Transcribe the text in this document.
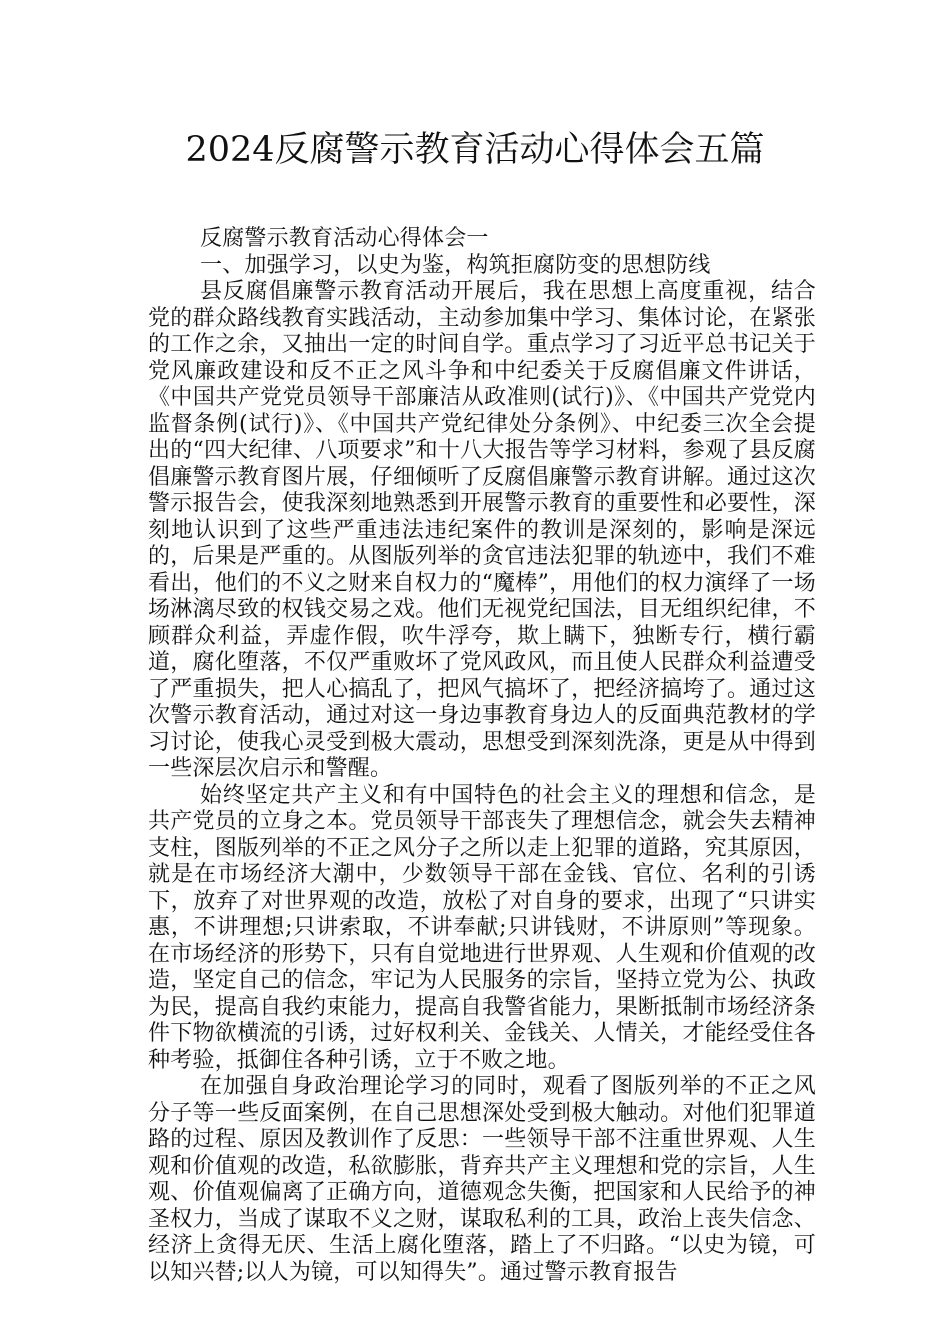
2024反腐警示教育活动心得体会五篇

反腐警示教育活动心得体会一

一、加强学习，以史为鉴，构筑拒腐防变的思想防线

县反腐倡廉警示教育活动开展后，我在思想上高度重视，结合党的群众路线教育实践活动，主动参加集中学习、集体讨论，在紧张的工作之余，又抽出一定的时间自学。重点学习了习近平总书记关于党风廉政建设和反不正之风斗争和中纪委关于反腐倡廉文件讲话，《中国共产党党员领导干部廉洁从政准则(试行)》、《中国共产党党内监督条例(试行)》、《中国共产党纪律处分条例》、中纪委三次全会提出的“四大纪律、八项要求”和十八大报告等学习材料，参观了县反腐倡廉警示教育图片展，仔细倾听了反腐倡廉警示教育讲解。通过这次警示报告会，使我深刻地熟悉到开展警示教育的重要性和必要性，深刻地认识到了这些严重违法违纪案件的教训是深刻的，影响是深远的，后果是严重的。从图版列举的贪官违法犯罪的轨迹中，我们不难看出，他们的不义之财来自权力的“魔棒”，用他们的权力演绎了一场场淋漓尽致的权钱交易之戏。他们无视党纪国法，目无组织纪律，不顾群众利益，弄虚作假，吹牛浮夸，欺上瞒下，独断专行，横行霸道，腐化堕落，不仅严重败坏了党风政风，而且使人民群众利益遭受了严重损失，把人心搞乱了，把风气搞坏了，把经济搞垮了。通过这次警示教育活动，通过对这一身边事教育身边人的反面典范教材的学习讨论，使我心灵受到极大震动，思想受到深刻洗涤，更是从中得到一些深层次启示和警醒。

始终坚定共产主义和有中国特色的社会主义的理想和信念，是共产党员的立身之本。党员领导干部丧失了理想信念，就会失去精神支柱，图版列举的不正之风分子之所以走上犯罪的道路，究其原因，就是在市场经济大潮中，少数领导干部在金钱、官位、名利的引诱下，放弃了对世界观的改造，放松了对自身的要求，出现了“只讲实惠，不讲理想;只讲索取，不讲奉献;只讲钱财，不讲原则”等现象。在市场经济的形势下，只有自觉地进行世界观、人生观和价值观的改造，坚定自己的信念，牢记为人民服务的宗旨，坚持立党为公、执政为民，提高自我约束能力，提高自我警省能力，果断抵制市场经济条件下物欲横流的引诱，过好权利关、金钱关、人情关，才能经受住各种考验，抵御住各种引诱，立于不败之地。

在加强自身政治理论学习的同时，观看了图版列举的不正之风分子等一些反面案例，在自己思想深处受到极大触动。对他们犯罪道路的过程、原因及教训作了反思：一些领导干部不注重世界观、人生观和价值观的改造，私欲膨胀，背弃共产主义理想和党的宗旨，人生观、价值观偏离了正确方向，道德观念失衡，把国家和人民给予的神圣权力，当成了谋取不义之财，谋取私利的工具，政治上丧失信念、经济上贪得无厌、生活上腐化堕落，踏上了不归路。“以史为镜，可以知兴替;以人为镜，可以知得失”。通过警示教育报告
